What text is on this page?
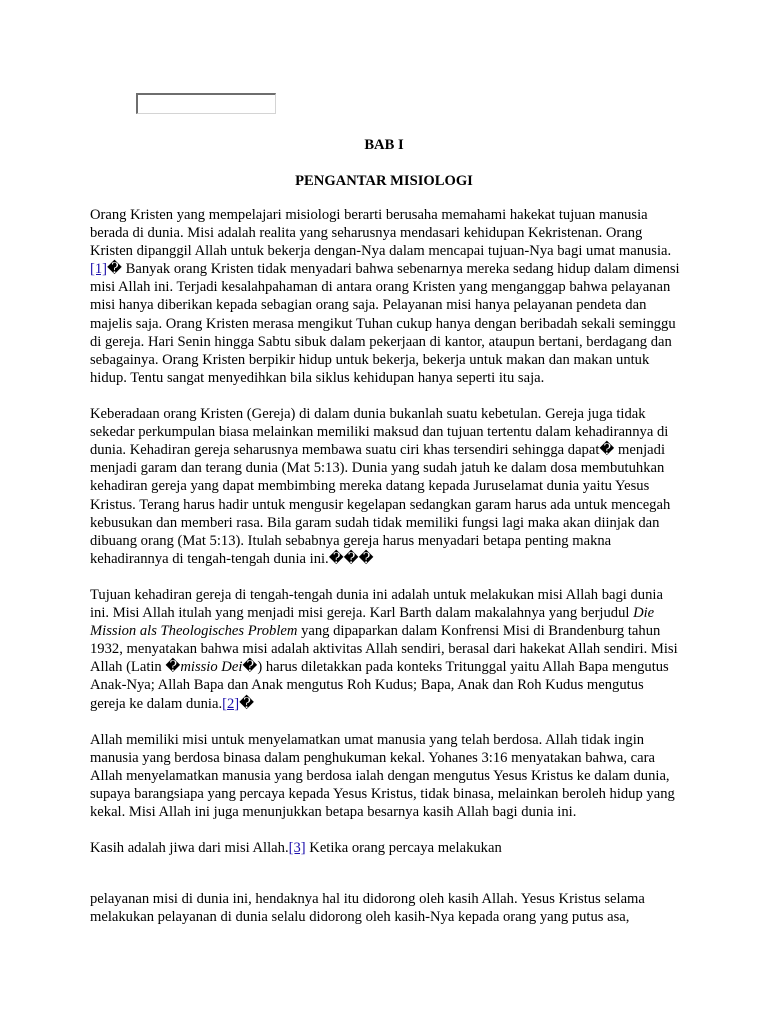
BAB I
PENGANTAR MISIOLOGI

Orang Kristen yang mempelajari misiologi berarti berusaha memahami hakekat tujuan manusia berada di dunia. Misi adalah realita yang seharusnya mendasari kehidupan Kekristenan. Orang Kristen dipanggil Allah untuk bekerja dengan-Nya dalam mencapai tujuan-Nya bagi umat manusia.[1]� Banyak orang Kristen tidak menyadari bahwa sebenarnya mereka sedang hidup dalam dimensi misi Allah ini. Terjadi kesalahpahaman di antara orang Kristen yang menganggap bahwa pelayanan misi hanya diberikan kepada sebagian orang saja. Pelayanan misi hanya pelayanan pendeta dan majelis saja. Orang Kristen merasa mengikut Tuhan cukup hanya dengan beribadah sekali seminggu di gereja. Hari Senin hingga Sabtu sibuk dalam pekerjaan di kantor, ataupun bertani, berdagang dan sebagainya. Orang Kristen berpikir hidup untuk bekerja, bekerja untuk makan dan makan untuk hidup. Tentu sangat menyedihkan bila siklus kehidupan hanya seperti itu saja.

Keberadaan orang Kristen (Gereja) di dalam dunia bukanlah suatu kebetulan. Gereja juga tidak sekedar perkumpulan biasa melainkan memiliki maksud dan tujuan tertentu dalam kehadirannya di dunia. Kehadiran gereja seharusnya membawa suatu ciri khas tersendiri sehingga dapat� menjadi menjadi garam dan terang dunia (Mat 5:13). Dunia yang sudah jatuh ke dalam dosa membutuhkan kehadiran gereja yang dapat membimbing mereka datang kepada Juruselamat dunia yaitu Yesus Kristus. Terang harus hadir untuk mengusir kegelapan sedangkan garam harus ada untuk mencegah kebusukan dan memberi rasa. Bila garam sudah tidak memiliki fungsi lagi maka akan diinjak dan dibuang orang (Mat 5:13). Itulah sebabnya gereja harus menyadari betapa penting makna kehadirannya di tengah-tengah dunia ini.���

Tujuan kehadiran gereja di tengah-tengah dunia ini adalah untuk melakukan misi Allah bagi dunia ini. Misi Allah itulah yang menjadi misi gereja. Karl Barth dalam makalahnya yang berjudul Die Mission als Theologisches Problem yang dipaparkan dalam Konfrensi Misi di Brandenburg tahun 1932, menyatakan bahwa misi adalah aktivitas Allah sendiri, berasal dari hakekat Allah sendiri. Misi Allah (Latin �missio Dei�) harus diletakkan pada konteks Tritunggal yaitu Allah Bapa mengutus Anak-Nya; Allah Bapa dan Anak mengutus Roh Kudus; Bapa, Anak dan Roh Kudus mengutus gereja ke dalam dunia.[2]�

Allah memiliki misi untuk menyelamatkan umat manusia yang telah berdosa. Allah tidak ingin manusia yang berdosa binasa dalam penghukuman kekal. Yohanes 3:16 menyatakan bahwa, cara Allah menyelamatkan manusia yang berdosa ialah dengan mengutus Yesus Kristus ke dalam dunia, supaya barangsiapa yang percaya kepada Yesus Kristus, tidak binasa, melainkan beroleh hidup yang kekal. Misi Allah ini juga menunjukkan betapa besarnya kasih Allah bagi dunia ini.

Kasih adalah jiwa dari misi Allah.[3] Ketika orang percaya melakukan

pelayanan misi di dunia ini, hendaknya hal itu didorong oleh kasih Allah. Yesus Kristus selama melakukan pelayanan di dunia selalu didorong oleh kasih-Nya kepada orang yang putus asa,
